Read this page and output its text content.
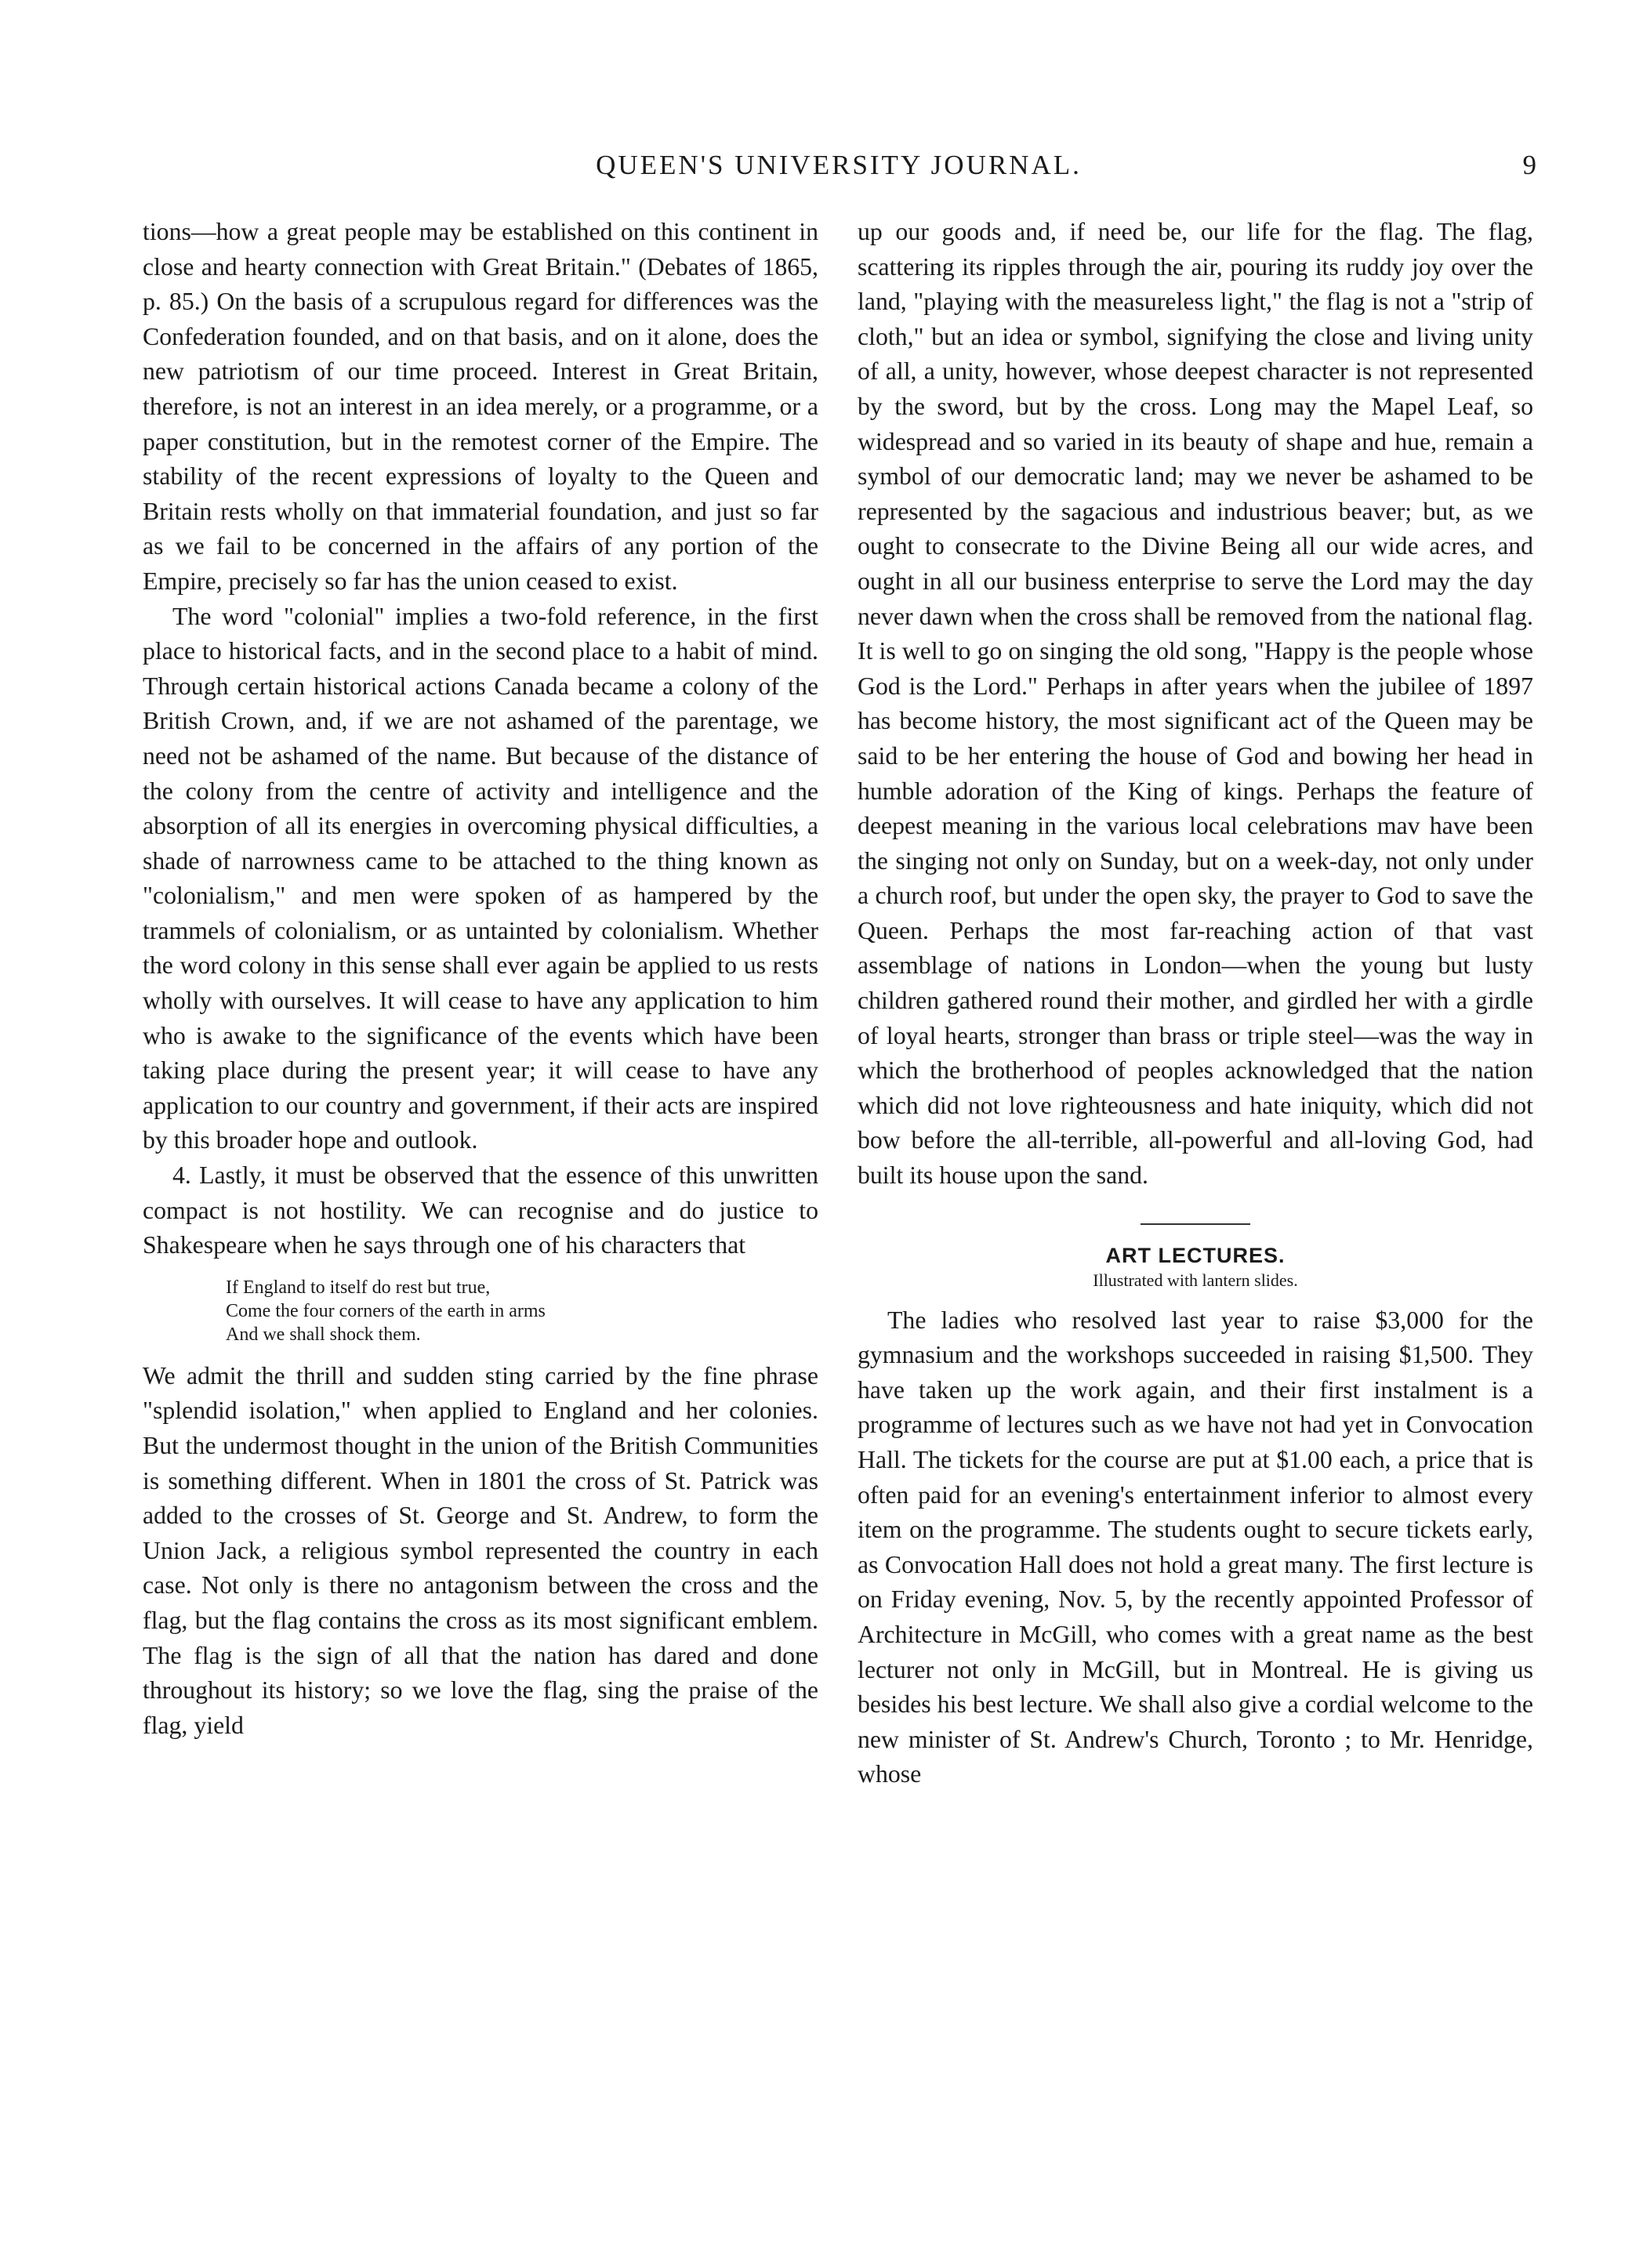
QUEEN'S UNIVERSITY JOURNAL.	9

tions—how a great people may be established on this continent in close and hearty connection with Great Britain." (Debates of 1865, p. 85.) On the basis of a scrupulous regard for differences was the Confederation founded, and on that basis, and on it alone, does the new patriotism of our time proceed. Interest in Great Britain, therefore, is not an interest in an idea merely, or a programme, or a paper constitution, but in the remotest corner of the Empire. The stability of the recent expressions of loyalty to the Queen and Britain rests wholly on that immaterial foundation, and just so far as we fail to be concerned in the affairs of any portion of the Empire, precisely so far has the union ceased to exist.

The word "colonial" implies a two-fold reference, in the first place to historical facts, and in the second place to a habit of mind. Through certain historical actions Canada became a colony of the British Crown, and, if we are not ashamed of the parentage, we need not be ashamed of the name. But because of the distance of the colony from the centre of activity and intelligence and the absorption of all its energies in overcoming physical difficulties, a shade of narrowness came to be attached to the thing known as "colonialism," and men were spoken of as hampered by the trammels of colonialism, or as untainted by colonialism. Whether the word colony in this sense shall ever again be applied to us rests wholly with ourselves. It will cease to have any application to him who is awake to the significance of the events which have been taking place during the present year; it will cease to have any application to our country and government, if their acts are inspired by this broader hope and outlook.

4. Lastly, it must be observed that the essence of this unwritten compact is not hostility. We can recognise and do justice to Shakespeare when he says through one of his characters that

If England to itself do rest but true,
Come the four corners of the earth in arms
And we shall shock them.

We admit the thrill and sudden sting carried by the fine phrase "splendid isolation," when applied to England and her colonies. But the undermost thought in the union of the British Communities is something different. When in 1801 the cross of St. Patrick was added to the crosses of St. George and St. Andrew, to form the Union Jack, a religious symbol represented the country in each case. Not only is there no antagonism between the cross and the flag, but the flag contains the cross as its most significant emblem. The flag is the sign of all that the nation has dared and done throughout its history; so we love the flag, sing the praise of the flag, yield

up our goods and, if need be, our life for the flag. The flag, scattering its ripples through the air, pouring its ruddy joy over the land, "playing with the measureless light," the flag is not a "strip of cloth," but an idea or symbol, signifying the close and living unity of all, a unity, however, whose deepest character is not represented by the sword, but by the cross. Long may the Mapel Leaf, so widespread and so varied in its beauty of shape and hue, remain a symbol of our democratic land; may we never be ashamed to be represented by the sagacious and industrious beaver; but, as we ought to consecrate to the Divine Being all our wide acres, and ought in all our business enterprise to serve the Lord may the day never dawn when the cross shall be removed from the national flag. It is well to go on singing the old song, "Happy is the people whose God is the Lord." Perhaps in after years when the jubilee of 1897 has become history, the most significant act of the Queen may be said to be her entering the house of God and bowing her head in humble adoration of the King of kings. Perhaps the feature of deepest meaning in the various local celebrations mav have been the singing not only on Sunday, but on a week-day, not only under a church roof, but under the open sky, the prayer to God to save the Queen. Perhaps the most far-reaching action of that vast assemblage of nations in London—when the young but lusty children gathered round their mother, and girdled her with a girdle of loyal hearts, stronger than brass or triple steel—was the way in which the brotherhood of peoples acknowledged that the nation which did not love righteousness and hate iniquity, which did not bow before the all-terrible, all-powerful and all-loving God, had built its house upon the sand.

ART LECTURES.

Illustrated with lantern slides.

The ladies who resolved last year to raise $3,000 for the gymnasium and the workshops succeeded in raising $1,500. They have taken up the work again, and their first instalment is a programme of lectures such as we have not had yet in Convocation Hall. The tickets for the course are put at $1.00 each, a price that is often paid for an evening's entertainment inferior to almost every item on the programme. The students ought to secure tickets early, as Convocation Hall does not hold a great many. The first lecture is on Friday evening, Nov. 5, by the recently appointed Professor of Architecture in McGill, who comes with a great name as the best lecturer not only in McGill, but in Montreal. He is giving us besides his best lecture. We shall also give a cordial welcome to the new minister of St. Andrew's Church, Toronto ; to Mr. Henridge, whose
